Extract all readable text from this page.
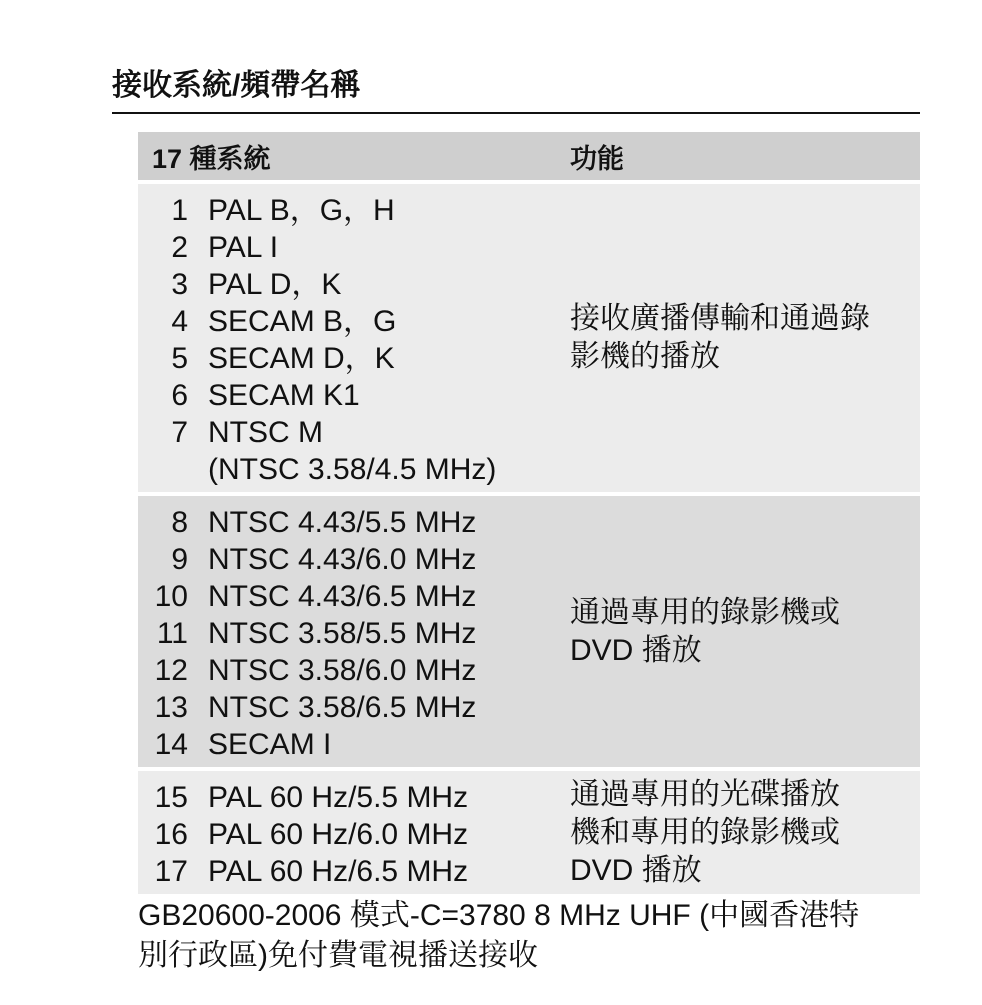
接收系統/頻帶名稱
17 種系統	功能
1 PAL B，G，H
2 PAL I
3 PAL D，K
4 SECAM B，G
5 SECAM D，K
6 SECAM K1
7 NTSC M
(NTSC 3.58/4.5 MHz)
接收廣播傳輸和通過錄
影機的播放
8 NTSC 4.43/5.5 MHz
9 NTSC 4.43/6.0 MHz
10 NTSC 4.43/6.5 MHz
11 NTSC 3.58/5.5 MHz
12 NTSC 3.58/6.0 MHz
13 NTSC 3.58/6.5 MHz
14 SECAM I
通過專用的錄影機或
DVD 播放
15 PAL 60 Hz/5.5 MHz
16 PAL 60 Hz/6.0 MHz
17 PAL 60 Hz/6.5 MHz
通過專用的光碟播放
機和專用的錄影機或
DVD 播放
GB20600-2006 模式-C=3780 8 MHz UHF (中國香港特
別行政區)免付費電視播送接收
